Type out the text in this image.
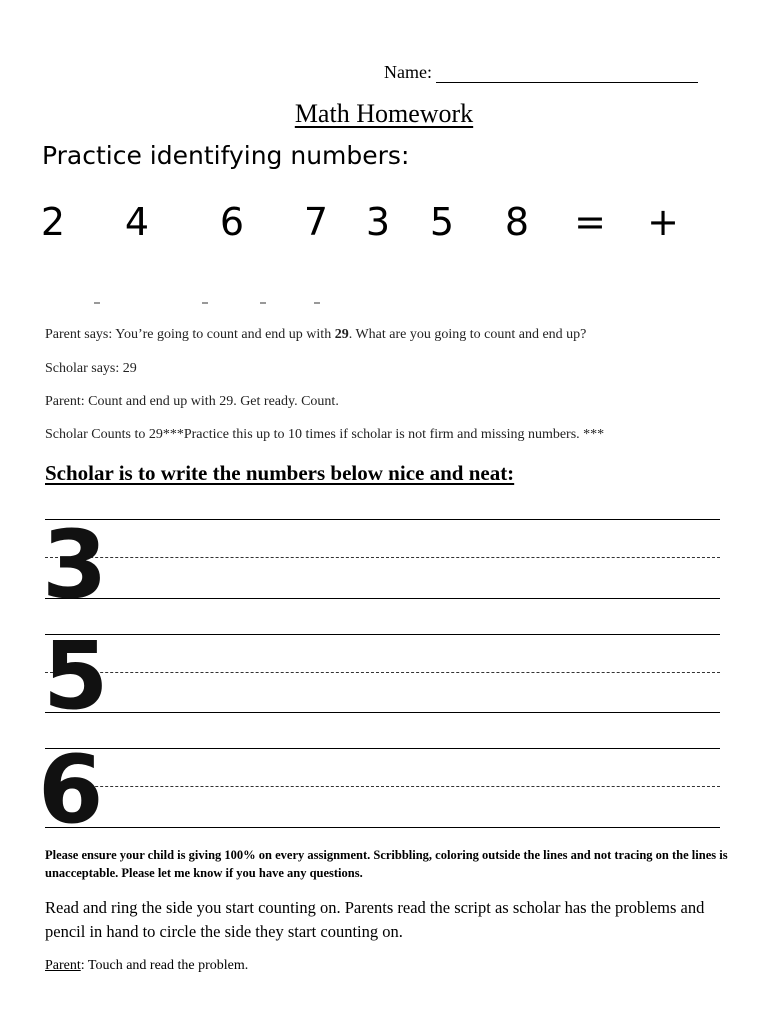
Name:
Math Homework
Practice identifying numbers:
2 4 6 7 3 5 8 = +
Parent says: You’re going to count and end up with 29. What are you going to count and end up?
Scholar says: 29
Parent: Count and end up with 29. Get ready. Count.
Scholar Counts to 29***Practice this up to 10 times if scholar is not firm and missing numbers. ***
Scholar is to write the numbers below nice and neat:
3
5
6
Please ensure your child is giving 100% on every assignment. Scribbling, coloring outside the lines and not tracing on the lines is unacceptable. Please let me know if you have any questions.
Read and ring the side you start counting on. Parents read the script as scholar has the problems and pencil in hand to circle the side they start counting on.
Parent: Touch and read the problem.
